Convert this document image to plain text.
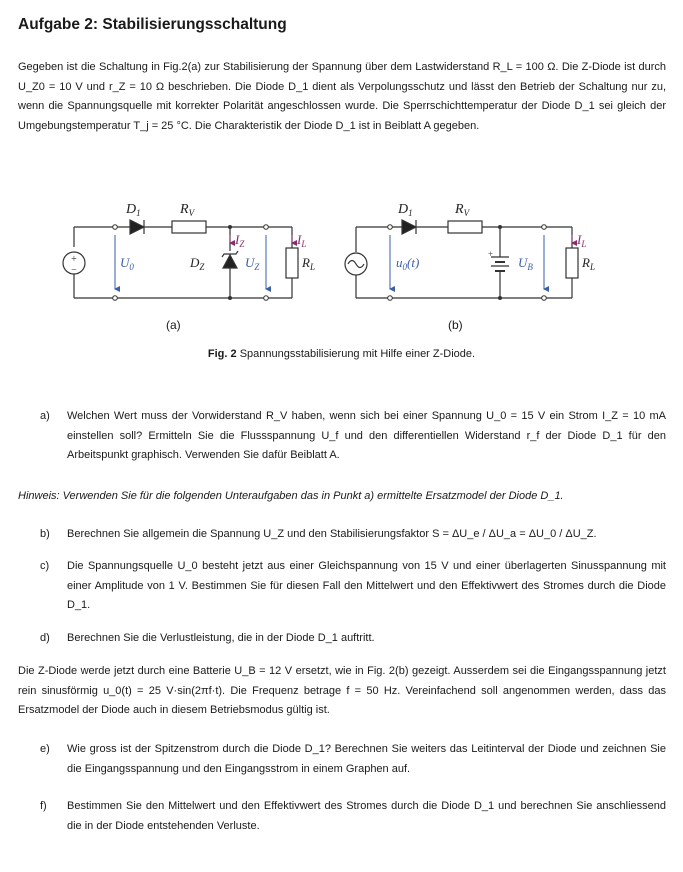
Aufgabe 2: Stabilisierungsschaltung

Gegeben ist die Schaltung in Fig.2(a) zur Stabilisierung der Spannung über dem Lastwiderstand R_L = 100 Ω. Die Z-Diode ist durch U_Z0 = 10 V und r_Z = 10 Ω beschrieben. Die Diode D_1 dient als Verpolungsschutz und lässt den Betrieb der Schaltung nur zu, wenn die Spannungsquelle mit korrekter Polarität angeschlossen wurde. Die Sperrschichttemperatur der Diode D_1 sei gleich der Umgebungstemperatur T_j = 25 °C. Die Charakteristik der Diode D_1 ist in Beiblatt A gegeben.

+
−
$D_1$	$R_V$
$I_Z$	$I_L$
$U_0$	$D_Z$	$U_Z$	$R_L$
+
$D_1$	$R_V$
$I_L$
$u_0(t)$	$U_B$	$R_L$
(a)	(b)
Fig. 2 Spannungsstabilisierung mit Hilfe einer Z-Diode.
a)	Welchen Wert muss der Vorwiderstand R_V haben, wenn sich bei einer Spannung U_0 = 15 V ein Strom I_Z = 10 mA einstellen soll? Ermitteln Sie die Flussspannung U_f und den differentiellen Widerstand r_f der Diode D_1 für den Arbeitspunkt graphisch. Verwenden Sie dafür Beiblatt A.

Hinweis: Verwenden Sie für die folgenden Unteraufgaben das in Punkt a) ermittelte Ersatzmodel der Diode D_1.

b)	Berechnen Sie allgemein die Spannung U_Z und den Stabilisierungsfaktor S = ΔU_e / ΔU_a = ΔU_0 / ΔU_Z.
c)	Die Spannungsquelle U_0 besteht jetzt aus einer Gleichspannung von 15 V und einer überlagerten Sinusspannung mit einer Amplitude von 1 V. Bestimmen Sie für diesen Fall den Mittelwert und den Effektivwert des Stromes durch die Diode D_1.
d)	Berechnen Sie die Verlustleistung, die in der Diode D_1 auftritt.

Die Z-Diode werde jetzt durch eine Batterie U_B = 12 V ersetzt, wie in Fig. 2(b) gezeigt. Ausserdem sei die Eingangsspannung jetzt rein sinusförmig u_0(t) = 25 V·sin(2πf·t). Die Frequenz betrage f = 50 Hz. Vereinfachend soll angenommen werden, dass das Ersatzmodel der Diode auch in diesem Betriebsmodus gültig ist.

e)	Wie gross ist der Spitzenstrom durch die Diode D_1? Berechnen Sie weiters das Leitinterval der Diode und zeichnen Sie die Eingangsspannung und den Eingangsstrom in einem Graphen auf.
f)	Bestimmen Sie den Mittelwert und den Effektivwert des Stromes durch die Diode D_1 und berechnen Sie anschliessend die in der Diode entstehenden Verluste.
